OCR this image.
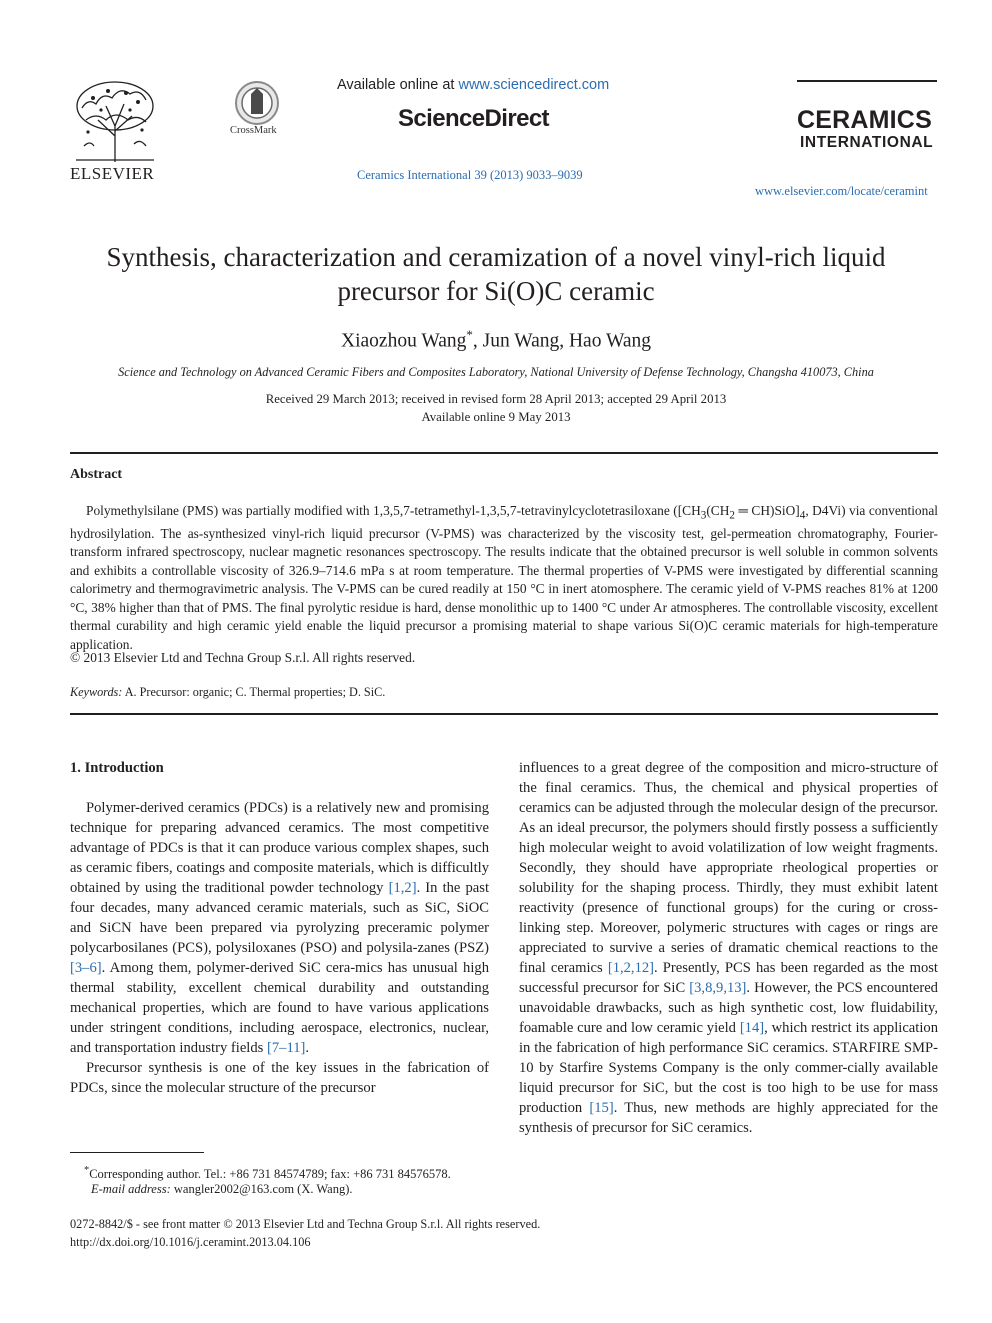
ELSEVIER
CrossMark
Available online at www.sciencedirect.com
ScienceDirect
Ceramics International 39 (2013) 9033–9039
CERAMICS
INTERNATIONAL
www.elsevier.com/locate/ceramint
Synthesis, characterization and ceramization of a novel vinyl-rich liquid
precursor for Si(O)C ceramic
Xiaozhou Wang*, Jun Wang, Hao Wang
Science and Technology on Advanced Ceramic Fibers and Composites Laboratory, National University of Defense Technology, Changsha 410073, China
Received 29 March 2013; received in revised form 28 April 2013; accepted 29 April 2013
Available online 9 May 2013
Abstract
Polymethylsilane (PMS) was partially modified with 1,3,5,7-tetramethyl-1,3,5,7-tetravinylcyclotetrasiloxane ([$CH_3(CH_2$ ═ $CH)SiO]_4$, D4Vi) via conventional hydrosilylation. The as-synthesized vinyl-rich liquid precursor (V-PMS) was characterized by the viscosity test, gel-permeation chromatography, Fourier-transform infrared spectroscopy, nuclear magnetic resonances spectroscopy. The results indicate that the obtained precursor is well soluble in common solvents and exhibits a controllable viscosity of 326.9–714.6 mPa s at room temperature. The thermal properties of V-PMS were investigated by differential scanning calorimetry and thermogravimetric analysis. The V-PMS can be cured readily at 150 °C in inert atomosphere. The ceramic yield of V-PMS reaches 81% at 1200 °C, 38% higher than that of PMS. The final pyrolytic residue is hard, dense monolithic up to 1400 °C under Ar atmospheres. The controllable viscosity, excellent thermal curability and high ceramic yield enable the liquid precursor a promising material to shape various Si(O)C ceramic materials for high-temperature application.
© 2013 Elsevier Ltd and Techna Group S.r.l. All rights reserved.
Keywords: A. Precursor: organic; C. Thermal properties; D. SiC.

1. Introduction

Polymer-derived ceramics (PDCs) is a relatively new and promising technique for preparing advanced ceramics. The most competitive advantage of PDCs is that it can produce various complex shapes, such as ceramic fibers, coatings and composite materials, which is difficultly obtained by using the traditional powder technology [1,2]. In the past four decades, many advanced ceramic materials, such as SiC, SiOC and SiCN have been prepared via pyrolyzing preceramic polymer polycarbosilanes (PCS), polysiloxanes (PSO) and polysila-zanes (PSZ) [3–6]. Among them, polymer-derived SiC cera-mics has unusual high thermal stability, excellent chemical durability and outstanding mechanical properties, which are found to have various applications under stringent conditions, including aerospace, electronics, nuclear, and transportation industry fields [7–11].

Precursor synthesis is one of the key issues in the fabrication of PDCs, since the molecular structure of the precursor

influences to a great degree of the composition and micro-structure of the final ceramics. Thus, the chemical and physical properties of ceramics can be adjusted through the molecular design of the precursor. As an ideal precursor, the polymers should firstly possess a sufficiently high molecular weight to avoid volatilization of low weight fragments. Secondly, they should have appropriate rheological properties or solubility for the shaping process. Thirdly, they must exhibit latent reactivity (presence of functional groups) for the curing or cross-linking step. Moreover, polymeric structures with cages or rings are appreciated to survive a series of dramatic chemical reactions to the final ceramics [1,2,12]. Presently, PCS has been regarded as the most successful precursor for SiC [3,8,9,13]. However, the PCS encountered unavoidable drawbacks, such as high synthetic cost, low fluidability, foamable cure and low ceramic yield [14], which restrict its application in the fabrication of high performance SiC ceramics. STARFIRE SMP-10 by Starfire Systems Company is the only commer-cially available liquid precursor for SiC, but the cost is too high to be use for mass production [15]. Thus, new methods are highly appreciated for the synthesis of precursor for SiC ceramics.

*Corresponding author. Tel.: +86 731 84574789; fax: +86 731 84576578.
E-mail address: wangler2002@163.com (X. Wang).
0272-8842/$ - see front matter © 2013 Elsevier Ltd and Techna Group S.r.l. All rights reserved.
http://dx.doi.org/10.1016/j.ceramint.2013.04.106
